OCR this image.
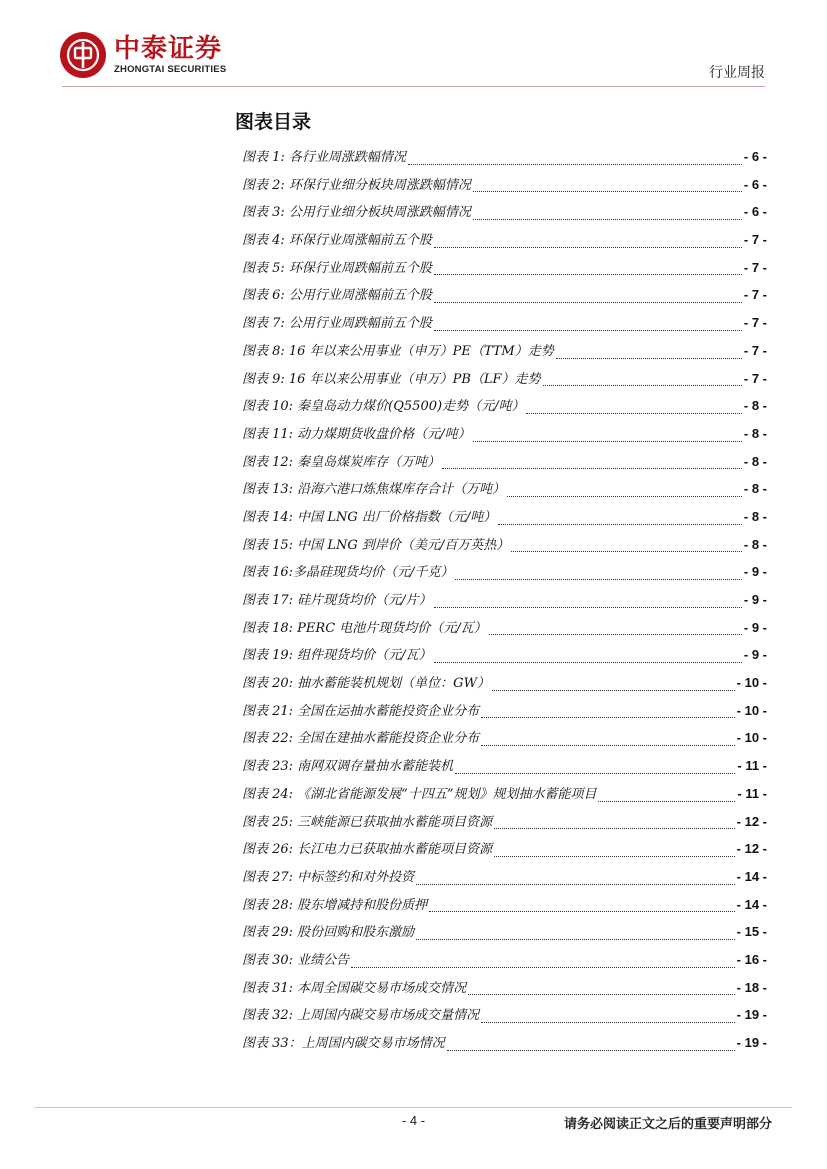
中泰证券
ZHONGTAI SECURITIES	行业周报
图表目录
图表 1: 各行业周涨跌幅情况	- 6 -
图表 2: 环保行业细分板块周涨跌幅情况	- 6 -
图表 3: 公用行业细分板块周涨跌幅情况	- 6 -
图表 4: 环保行业周涨幅前五个股	- 7 -
图表 5: 环保行业周跌幅前五个股	- 7 -
图表 6: 公用行业周涨幅前五个股	- 7 -
图表 7: 公用行业周跌幅前五个股	- 7 -
图表 8: 16 年以来公用事业（申万）PE（TTM）走势	- 7 -
图表 9: 16 年以来公用事业（申万）PB（LF）走势	- 7 -
图表 10: 秦皇岛动力煤价(Q5500)走势（元/吨）	- 8 -
图表 11: 动力煤期货收盘价格（元/吨）	- 8 -
图表 12: 秦皇岛煤炭库存（万吨）	- 8 -
图表 13: 沿海六港口炼焦煤库存合计（万吨）	- 8 -
图表 14: 中国 LNG 出厂价格指数（元/吨）	- 8 -
图表 15: 中国 LNG 到岸价（美元/百万英热）	- 8 -
图表 16:多晶硅现货均价（元/千克）	- 9 -
图表 17: 硅片现货均价（元/片）	- 9 -
图表 18: PERC 电池片现货均价（元/瓦）	- 9 -
图表 19: 组件现货均价（元/瓦）	- 9 -
图表 20: 抽水蓄能装机规划（单位：GW）	- 10 -
图表 21: 全国在运抽水蓄能投资企业分布	- 10 -
图表 22: 全国在建抽水蓄能投资企业分布	- 10 -
图表 23: 南网双调存量抽水蓄能装机	- 11 -
图表 24: 《湖北省能源发展“十四五”规划》规划抽水蓄能项目	- 11 -
图表 25: 三峡能源已获取抽水蓄能项目资源	- 12 -
图表 26: 长江电力已获取抽水蓄能项目资源	- 12 -
图表 27: 中标签约和对外投资	- 14 -
图表 28: 股东增减持和股份质押	- 14 -
图表 29: 股份回购和股东激励	- 15 -
图表 30: 业绩公告	- 16 -
图表 31: 本周全国碳交易市场成交情况	- 18 -
图表 32: 上周国内碳交易市场成交量情况	- 19 -
图表 33：上周国内碳交易市场情况	- 19 -
- 4 -	请务必阅读正文之后的重要声明部分
